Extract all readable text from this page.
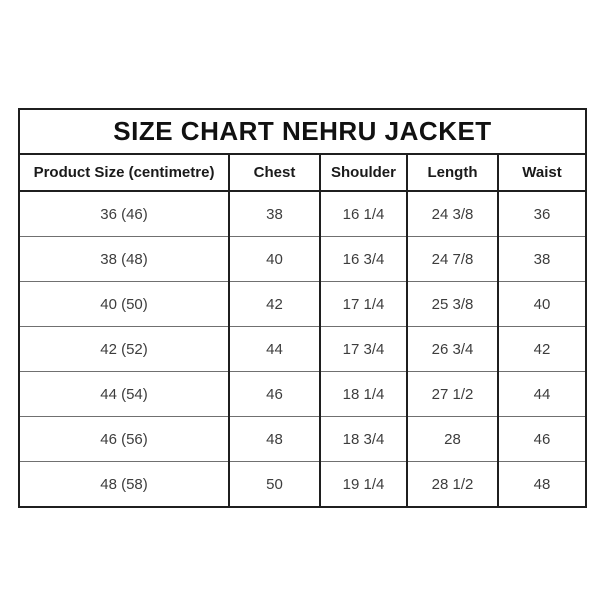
SIZE CHART NEHRU JACKET				
Product Size (centimetre)	Chest	Shoulder	Length	Waist
36 (46)	38	16 1/4	24 3/8	36
38 (48)	40	16 3/4	24 7/8	38
40 (50)	42	17 1/4	25 3/8	40
42 (52)	44	17 3/4	26 3/4	42
44 (54)	46	18 1/4	27 1/2	44
46 (56)	48	18 3/4	28	46
48 (58)	50	19 1/4	28 1/2	48
